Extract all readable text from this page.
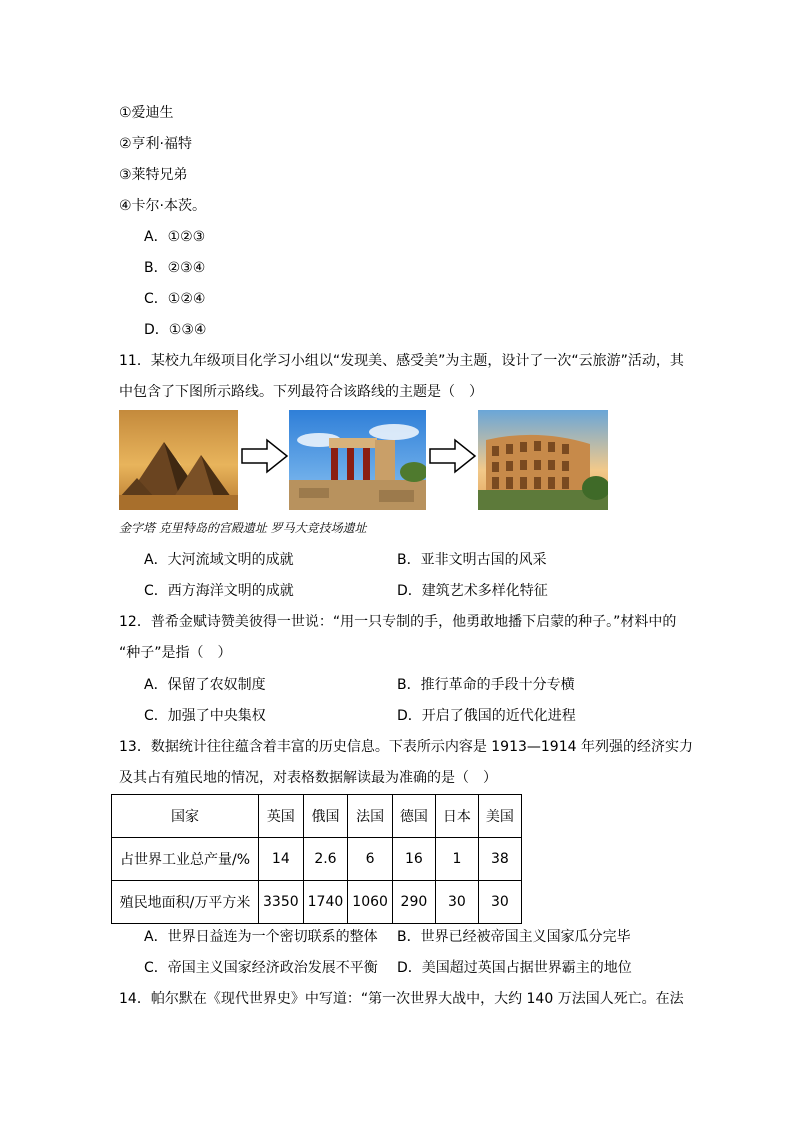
①爱迪生
②亨利·福特
③莱特兄弟
④卡尔·本茨。
A．①②③
B．②③④
C．①②④
D．①③④
11．某校九年级项目化学习小组以“发现美、感受美”为主题，设计了一次“云旅游”活动，其
中包含了下图所示路线。下列最符合该路线的主题是（　）
金字塔 克里特岛的宫殿遗址 罗马大竞技场遗址
A．大河流域文明的成就	B．亚非文明古国的风采
C．西方海洋文明的成就	D．建筑艺术多样化特征
12．普希金赋诗赞美彼得一世说：“用一只专制的手，他勇敢地播下启蒙的种子。”材料中的
“种子”是指（　）
A．保留了农奴制度	B．推行革命的手段十分专横
C．加强了中央集权	D．开启了俄国的近代化进程
13．数据统计往往蕴含着丰富的历史信息。下表所示内容是 1913—1914 年列强的经济实力
及其占有殖民地的情况，对表格数据解读最为准确的是（　）
国家	英国	俄国	法国	德国	日本	美国
占世界工业总产量/%	14	2.6	6	16	1	38
殖民地面积/万平方米	3350	1740	1060	290	30	30
A．世界日益连为一个密切联系的整体 B．世界已经被帝国主义国家瓜分完毕
C．帝国主义国家经济政治发展不平衡 D．美国超过英国占据世界霸主的地位
14．帕尔默在《现代世界史》中写道：“第一次世界大战中，大约 140 万法国人死亡。在法
